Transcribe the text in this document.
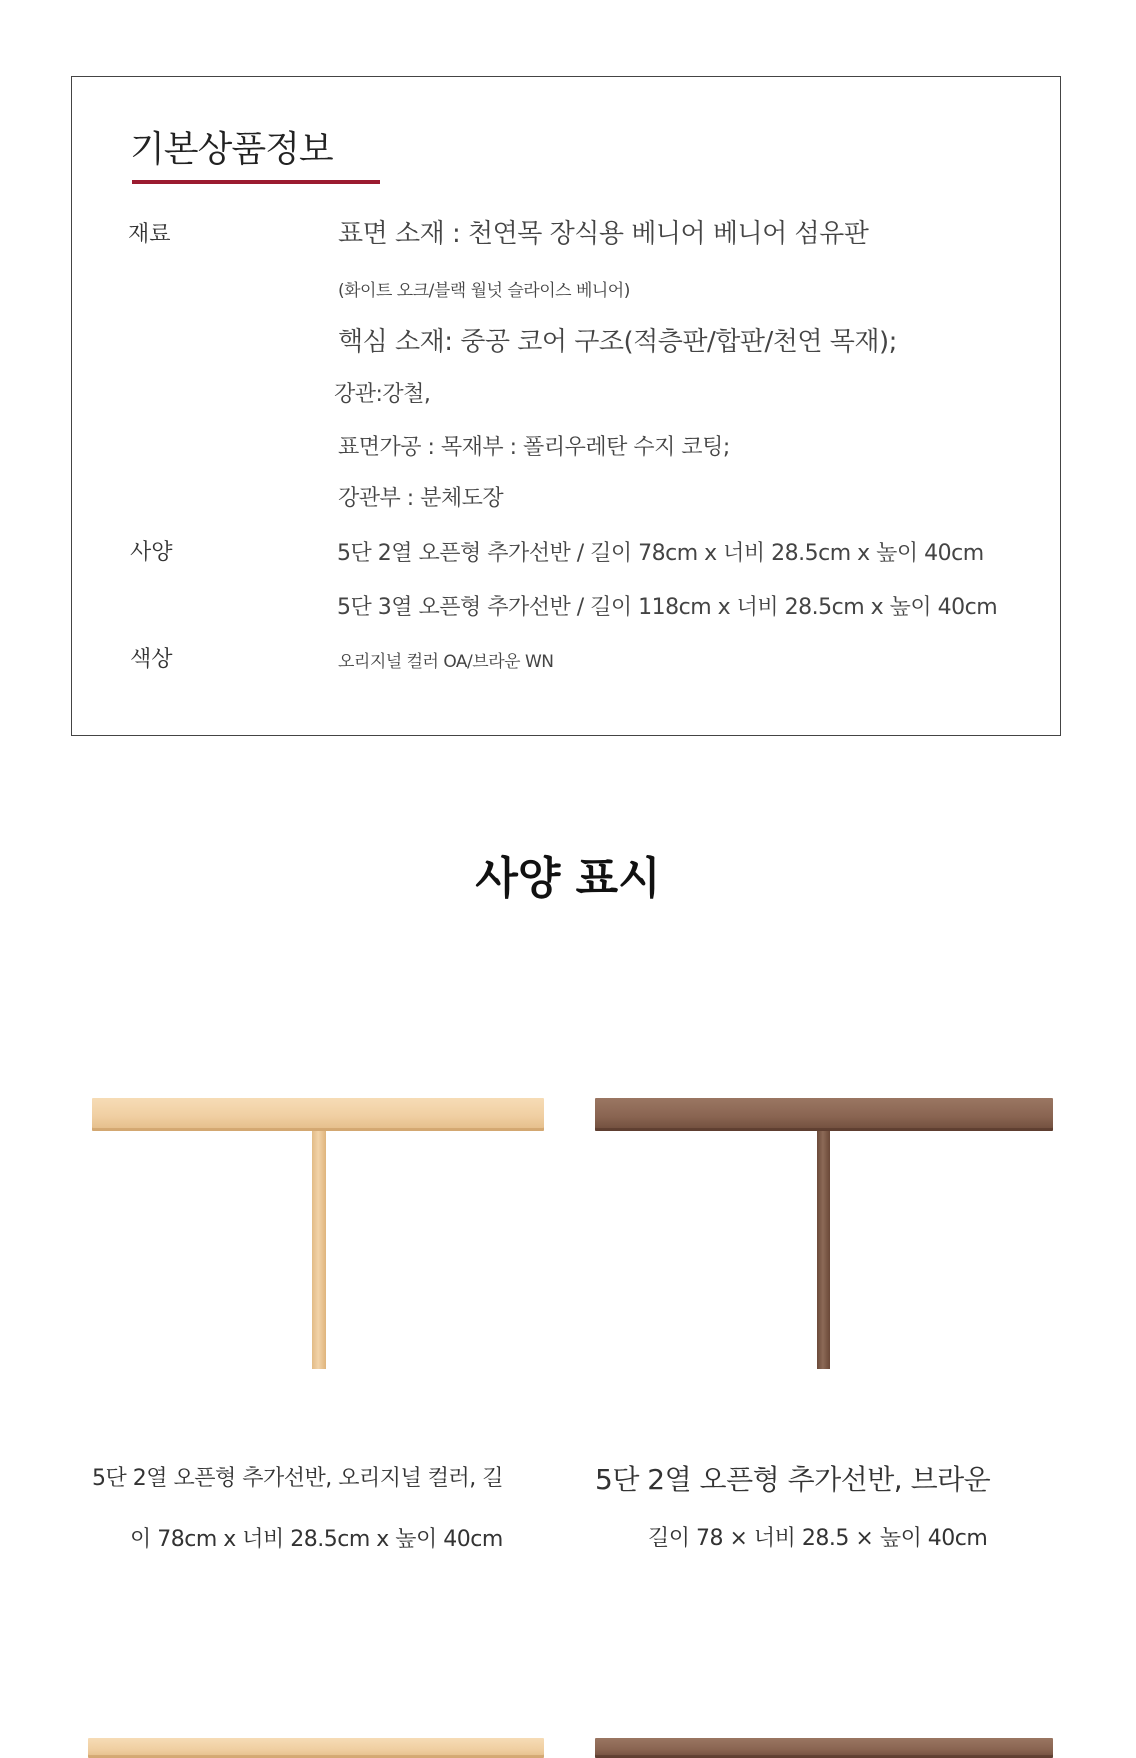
기본상품정보
재료	표면 소재 : 천연목 장식용 베니어 베니어 섬유판
(화이트 오크/블랙 월넛 슬라이스 베니어)
핵심 소재: 중공 코어 구조(적층판/합판/천연 목재);
강관:강철,
표면가공 : 목재부 : 폴리우레탄 수지 코팅;
강관부 : 분체도장
사양	5단 2열 오픈형 추가선반 / 길이 78cm x 너비 28.5cm x 높이 40cm
5단 3열 오픈형 추가선반 / 길이 118cm x 너비 28.5cm x 높이 40cm
색상	오리지널 컬러 OA/브라운 WN
사양 표시
5단 2열 오픈형 추가선반, 오리지널 컬러, 길
이 78cm x 너비 28.5cm x 높이 40cm
5단 2열 오픈형 추가선반, 브라운
길이 78 × 너비 28.5 × 높이 40cm
